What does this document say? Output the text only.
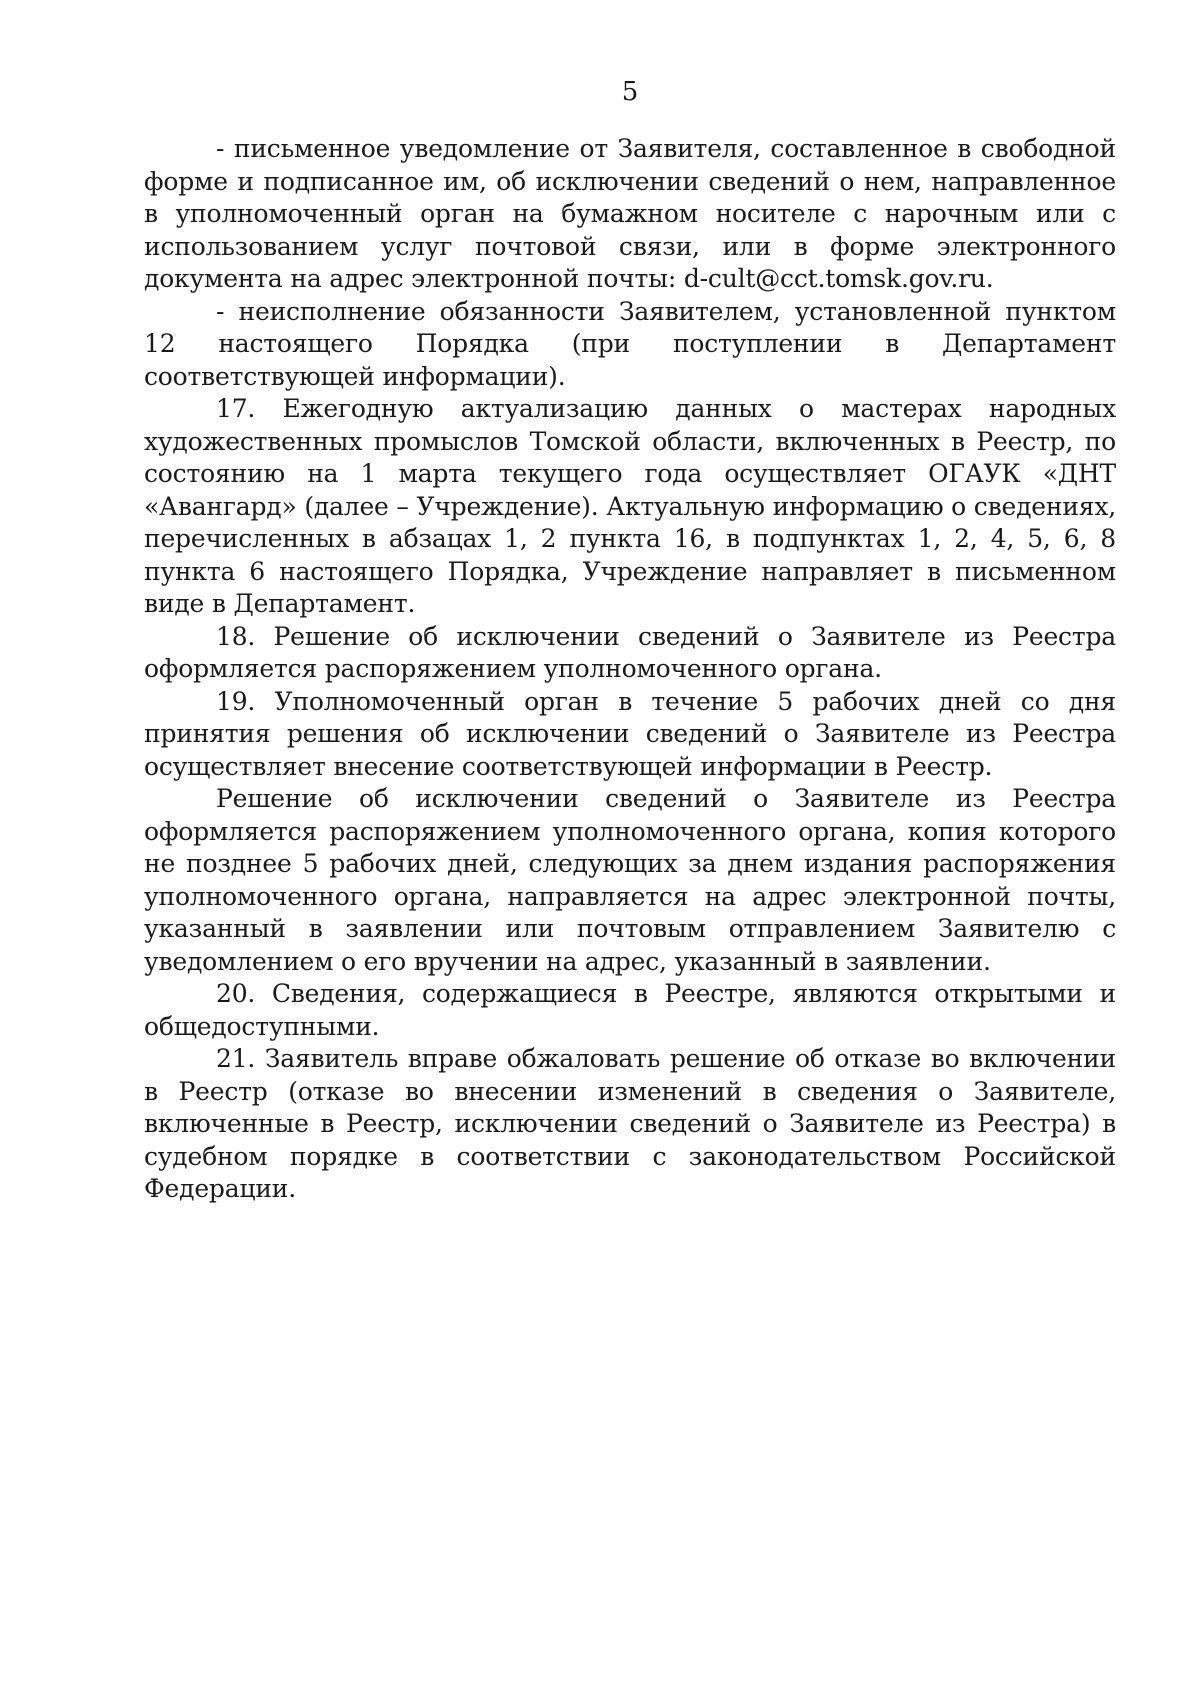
5

- письменное уведомление от Заявителя, составленное в свободной форме и подписанное им, об исключении сведений о нем, направленное в уполномоченный орган на бумажном носителе с нарочным или с использованием услуг почтовой связи, или в форме электронного документа на адрес электронной почты: d-cult@cct.tomsk.gov.ru.

- неисполнение обязанности Заявителем, установленной пунктом 12 настоящего Порядка (при поступлении в Департамент соответствующей информации).

17. Ежегодную актуализацию данных о мастерах народных художественных промыслов Томской области, включенных в Реестр, по состоянию на 1 марта текущего года осуществляет ОГАУК «ДНТ «Авангард» (далее – Учреждение). Актуальную информацию о сведениях, перечисленных в абзацах 1, 2 пункта 16, в подпунктах 1, 2, 4, 5, 6, 8 пункта 6 настоящего Порядка, Учреждение направляет в письменном виде в Департамент.

18. Решение об исключении сведений о Заявителе из Реестра оформляется распоряжением уполномоченного органа.

19. Уполномоченный орган в течение 5 рабочих дней со дня принятия решения об исключении сведений о Заявителе из Реестра осуществляет внесение соответствующей информации в Реестр.

Решение об исключении сведений о Заявителе из Реестра оформляется распоряжением уполномоченного органа, копия которого не позднее 5 рабочих дней, следующих за днем издания распоряжения уполномоченного органа, направляется на адрес электронной почты, указанный в заявлении или почтовым отправлением Заявителю с уведомлением о его вручении на адрес, указанный в заявлении.

20. Сведения, содержащиеся в Реестре, являются открытыми и общедоступными.

21. Заявитель вправе обжаловать решение об отказе во включении в Реестр (отказе во внесении изменений в сведения о Заявителе, включенные в Реестр, исключении сведений о Заявителе из Реестра) в судебном порядке в соответствии с законодательством Российской Федерации.
